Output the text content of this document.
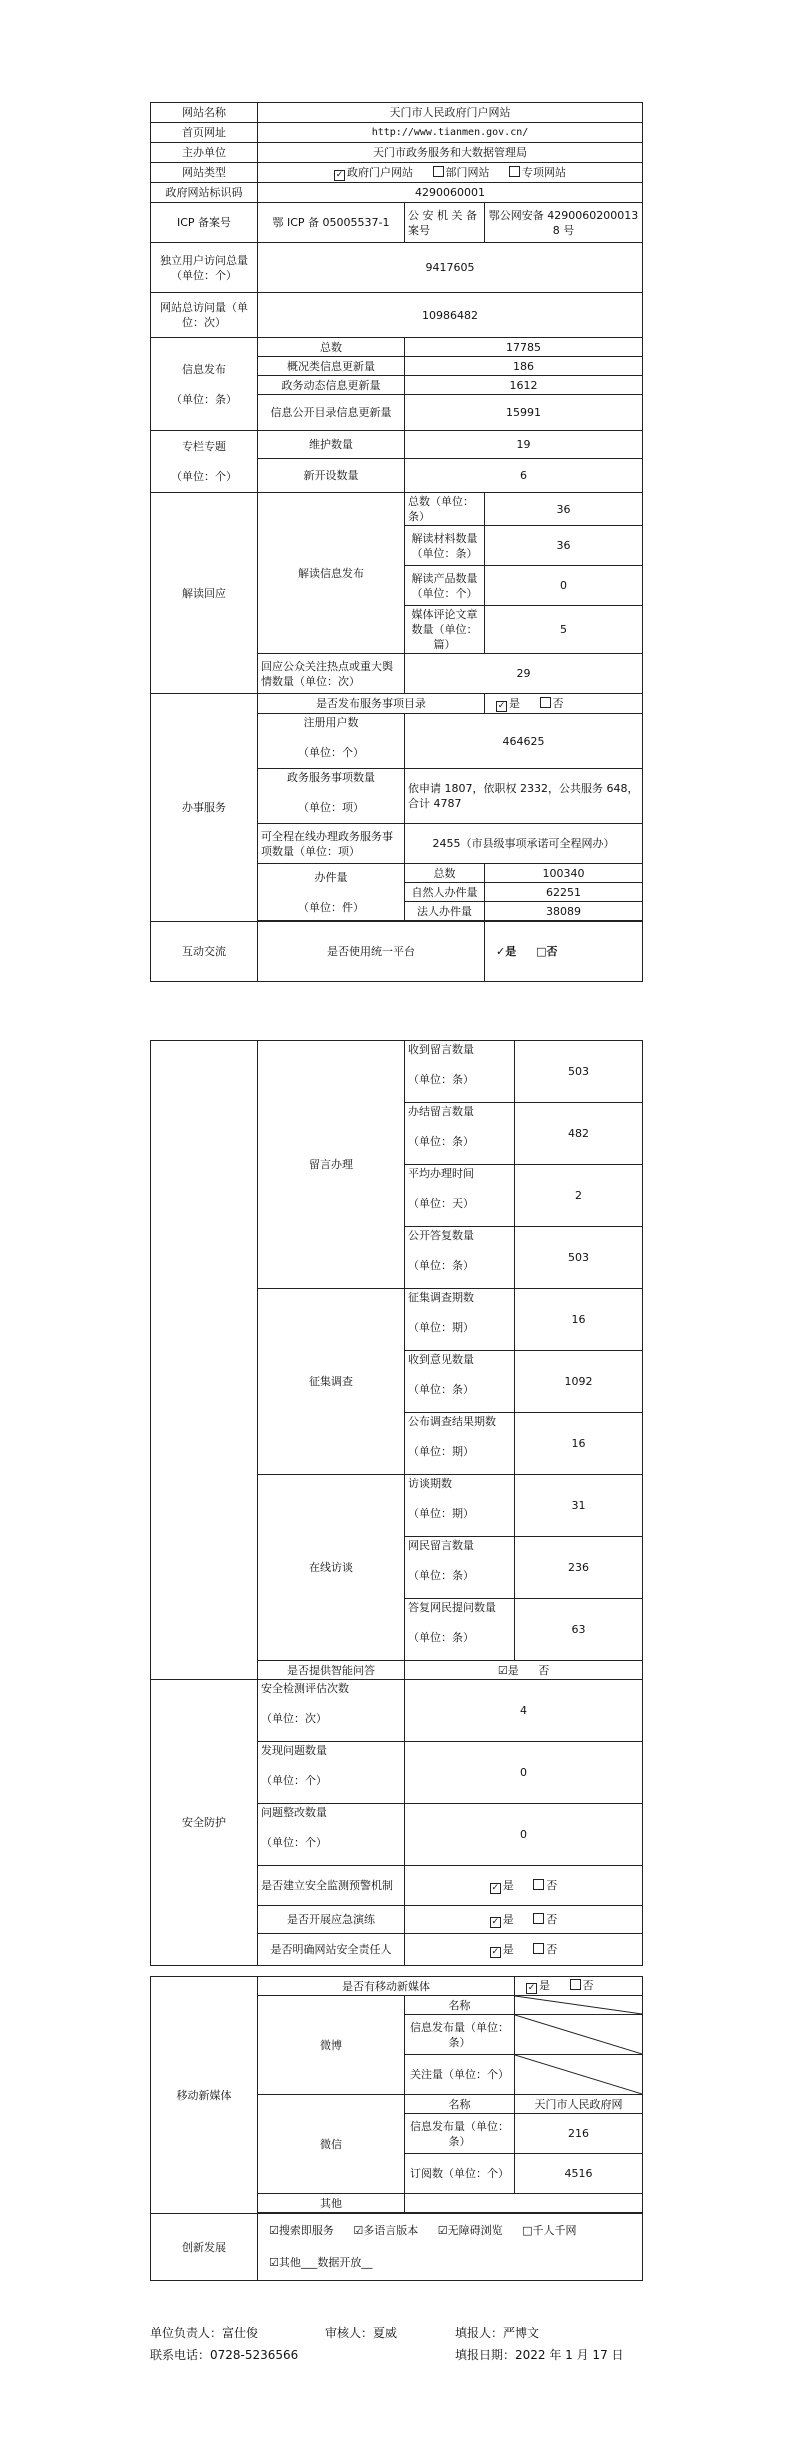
网站名称	天门市人民政府门户网站		
首页网址	http://www.tianmen.gov.cn/		
主办单位	天门市政务服务和大数据管理局		
网站类型	✓ 政府门户网站 部门网站 专项网站		
政府网站标识码	4290060001		
ICP 备案号	鄂 ICP 备 05005537-1	公 安 机 关 备 案号	鄂公网安备 42900602000138 号
独立用户访问总量（单位：个）	9417605		
网站总访问量（单位：次）	10986482		
信息发布

（单位：条）	总数	17785	
	概况类信息更新量	186	
	政务动态信息更新量	1612	
	信息公开目录信息更新量	15991	
专栏专题

（单位：个）	维护数量	19	
	新开设数量	6	
解读回应	解读信息发布	总数（单位：条）	36
		解读材料数量（单位：条）	36
		解读产品数量（单位：个）	0
		媒体评论文章数量（单位：篇）	5
	回应公众关注热点或重大舆情数量（单位：次）	29	
办事服务	是否发布服务事项目录		✓ 是 否
	注册用户数

（单位：个）	464625	
	政务服务事项数量

（单位：项）	依申请 1807，依职权 2332，公共服务 648，合计 4787	
	可全程在线办理政务服务事项数量（单位：项）	2455（市县级事项承诺可全程网办）	
	办件量

（单位：件）	总数	100340
		自然人办件量	62251
		法人办件量	38089

互动交流	是否使用统一平台		✓是 □否
	留言办理	收到留言数量

（单位：条）	503
		办结留言数量

（单位：条）	482
		平均办理时间

（单位：天）	2
		公开答复数量

（单位：条）	503
	征集调查	征集调查期数

（单位：期）	16
		收到意见数量

（单位：条）	1092
		公布调查结果期数

（单位：期）	16
	在线访谈	访谈期数

（单位：期）	31
		网民留言数量

（单位：条）	236
		答复网民提问数量

（单位：条）	63
	是否提供智能问答	☑是 否	
安全防护	安全检测评估次数

（单位：次）	4	
	发现问题数量

（单位：个）	0	
	问题整改数量

（单位：个）	0	
	是否建立安全监测预警机制	✓ 是 否	
	是否开展应急演练	✓ 是 否	
	是否明确网站安全责任人	✓ 是 否	
移动新媒体	是否有移动新媒体		✓ 是 否
	微博	名称	

		信息发布量（单位：条）	

		关注量（单位：个）	

	微信	名称	天门市人民政府网
		信息发布量（单位：条）	216
		订阅数（单位：个）	4516
	其他		

创新发展	☑搜索即服务 ☑多语言版本 ☑无障碍浏览 □千人千网
☑其他___数据开放__		
单位负责人：富仕俊	审核人：夏威	填报人：严博文
联系电话：0728-5236566	填报日期：2022 年 1 月 17 日
